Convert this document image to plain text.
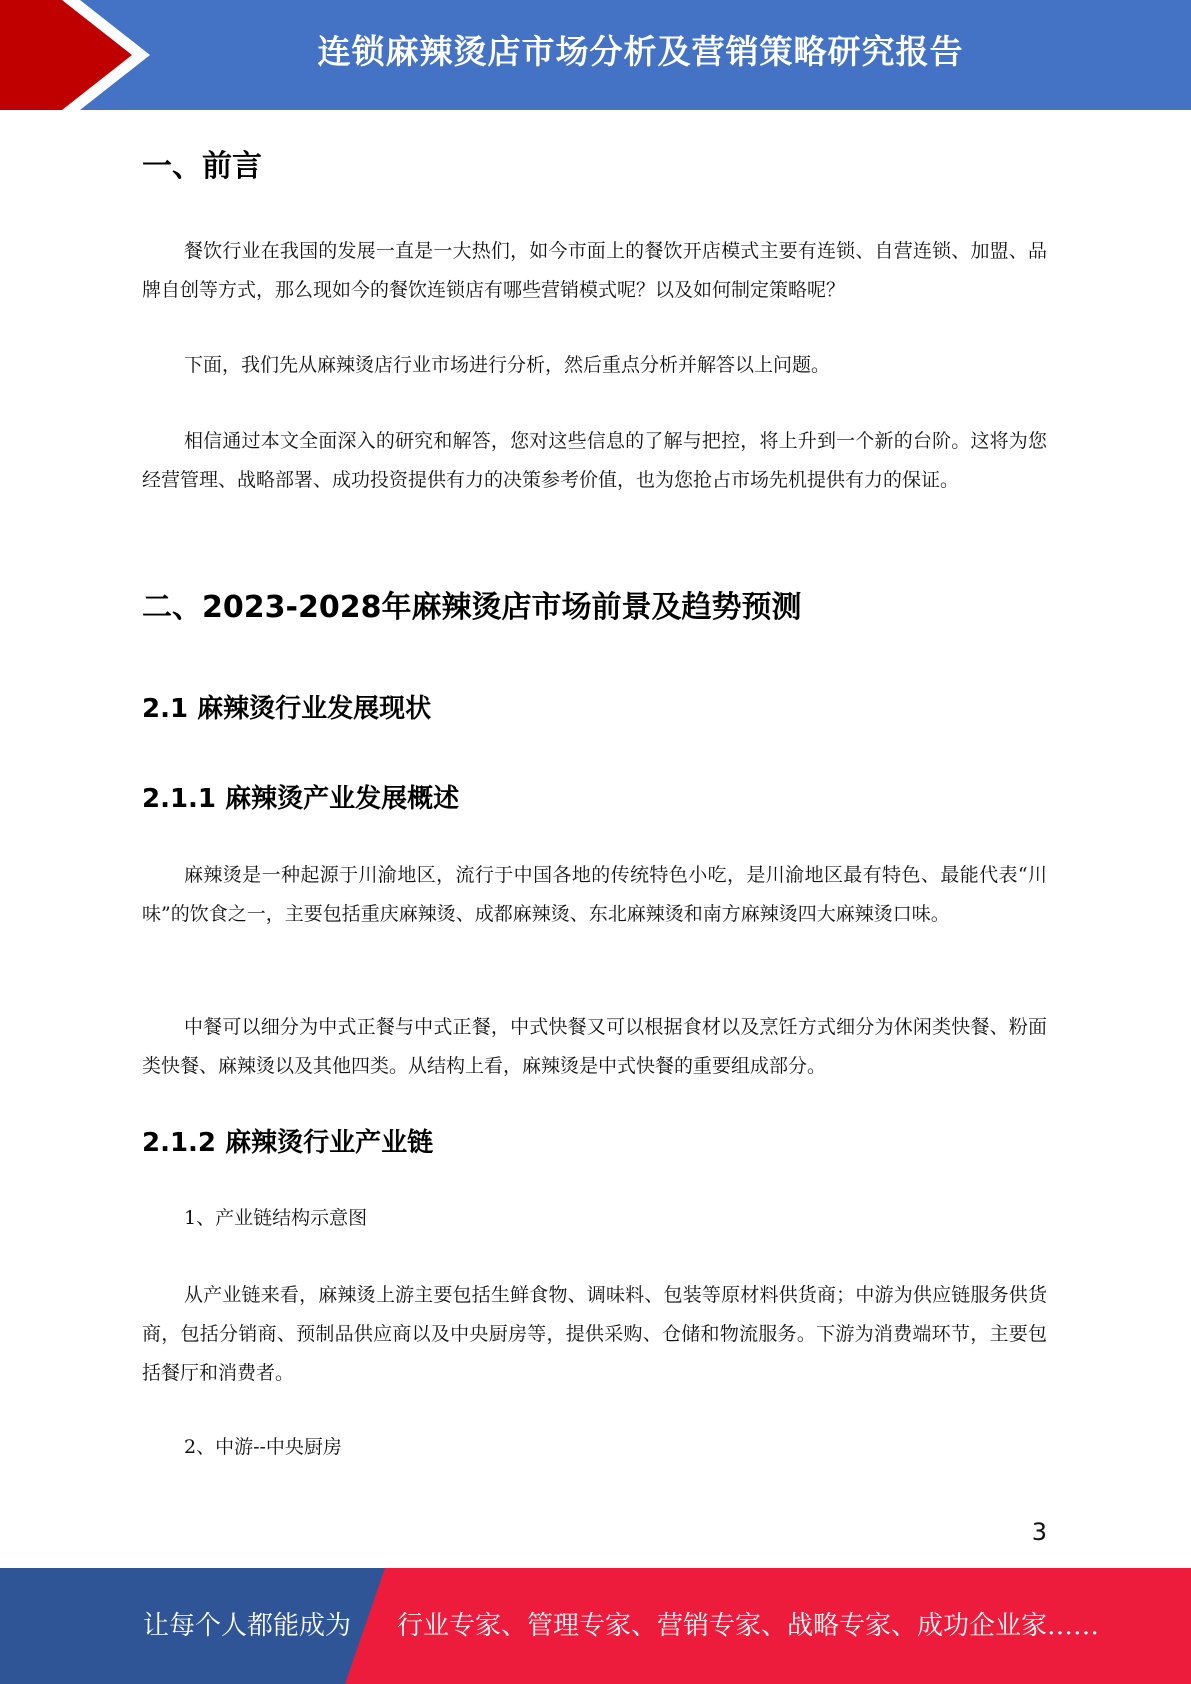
连锁麻辣烫店市场分析及营销策略研究报告
一、前言

餐饮行业在我国的发展一直是一大热们，如今市面上的餐饮开店模式主要有连锁、自营连锁、加盟、品牌自创等方式，那么现如今的餐饮连锁店有哪些营销模式呢？以及如何制定策略呢？

下面，我们先从麻辣烫店行业市场进行分析，然后重点分析并解答以上问题。

相信通过本文全面深入的研究和解答，您对这些信息的了解与把控，将上升到一个新的台阶。这将为您经营管理、战略部署、成功投资提供有力的决策参考价值，也为您抢占市场先机提供有力的保证。

二、2023-2028年麻辣烫店市场前景及趋势预测
2.1 麻辣烫行业发展现状
2.1.1 麻辣烫产业发展概述

麻辣烫是一种起源于川渝地区，流行于中国各地的传统特色小吃，是川渝地区最有特色、最能代表“川味”的饮食之一，主要包括重庆麻辣烫、成都麻辣烫、东北麻辣烫和南方麻辣烫四大麻辣烫口味。

中餐可以细分为中式正餐与中式正餐，中式快餐又可以根据食材以及烹饪方式细分为休闲类快餐、粉面类快餐、麻辣烫以及其他四类。从结构上看，麻辣烫是中式快餐的重要组成部分。

2.1.2 麻辣烫行业产业链
1、产业链结构示意图

从产业链来看，麻辣烫上游主要包括生鲜食物、调味料、包装等原材料供货商；中游为供应链服务供货商，包括分销商、预制品供应商以及中央厨房等，提供采购、仓储和物流服务。下游为消费端环节，主要包括餐厅和消费者。

2、中游--中央厨房
3
让每个人都能成为 行业专家、管理专家、营销专家、战略专家、成功企业家……
